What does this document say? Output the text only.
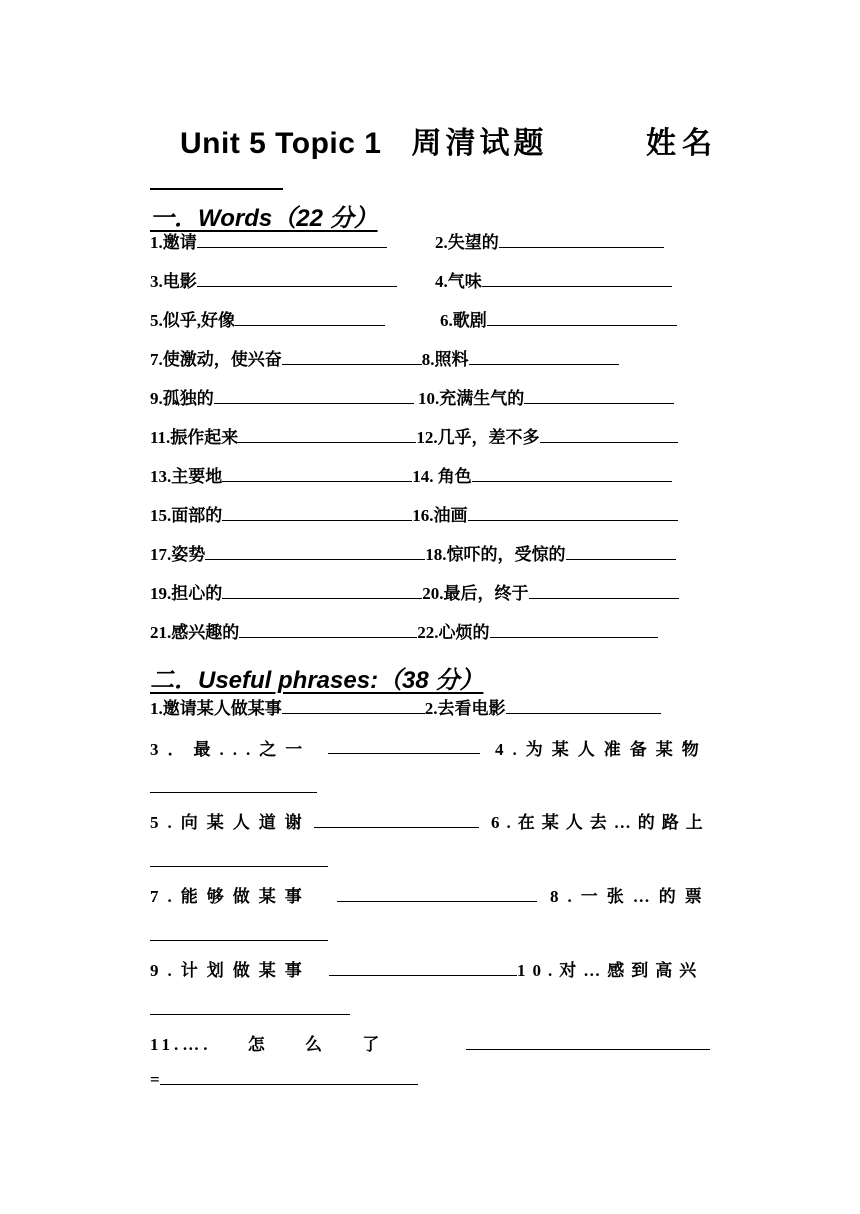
Unit 5 Topic 1 周清试题	姓名
一．Words（22 分）
1.邀请	2.失望的
3.电影	4.气味
5.似乎,好像	6.歌剧
7.使激动，使兴奋	8.照料
9.孤独的	10.充满生气的
11.振作起来	12.几乎，差不多
13.主要地	14. 角色
15.面部的	16.油画
17.姿势	18.惊吓的，受惊的
19.担心的	20.最后，终于
21.感兴趣的	22.心烦的
二．Useful phrases:（38 分）
1.邀请某人做某事	2.去看电影
3．最...之一	4.为某人准备某物
5.向某人道谢	6.在某人去…的路上
7.能够做某事	8.一张…的票
9.计划做某事	10.对…感到高兴
11.…. 怎 么 了
=
